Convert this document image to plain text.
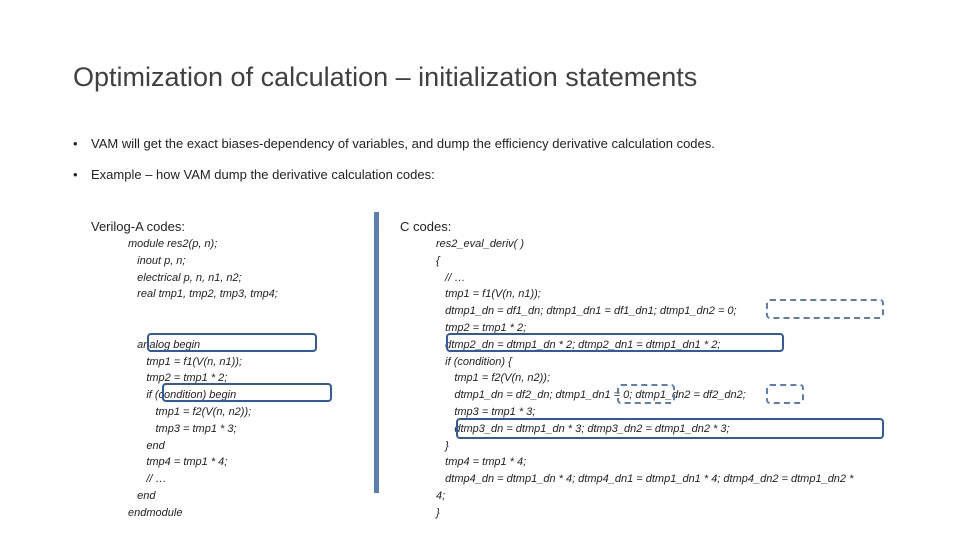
Optimization of calculation – initialization statements
• VAM will get the exact biases-dependency of variables, and dump the efficiency derivative calculation codes.
• Example – how VAM dump the derivative calculation codes:
Verilog-A codes:
module res2(p, n);
inout p, n;
electrical p, n, n1, n2;
real tmp1, tmp2, tmp3, tmp4;

analog begin
tmp1 = f1(V(n, n1));
tmp2 = tmp1 * 2;
if (condition) begin
tmp1 = f2(V(n, n2));
tmp3 = tmp1 * 3;
end
tmp4 = tmp1 * 4;
// …
end
endmodule
C codes:
res2_eval_deriv( )
{
// …
tmp1 = f1(V(n, n1));
dtmp1_dn = df1_dn; dtmp1_dn1 = df1_dn1; dtmp1_dn2 = 0;
tmp2 = tmp1 * 2;
dtmp2_dn = dtmp1_dn * 2; dtmp2_dn1 = dtmp1_dn1 * 2;
if (condition) {
tmp1 = f2(V(n, n2));
dtmp1_dn = df2_dn; dtmp1_dn1 = 0; dtmp1_dn2 = df2_dn2;
tmp3 = tmp1 * 3;
dtmp3_dn = dtmp1_dn * 3; dtmp3_dn2 = dtmp1_dn2 * 3;
}
tmp4 = tmp1 * 4;
dtmp4_dn = dtmp1_dn * 4; dtmp4_dn1 = dtmp1_dn1 * 4; dtmp4_dn2 = dtmp1_dn2 *
4;
}
